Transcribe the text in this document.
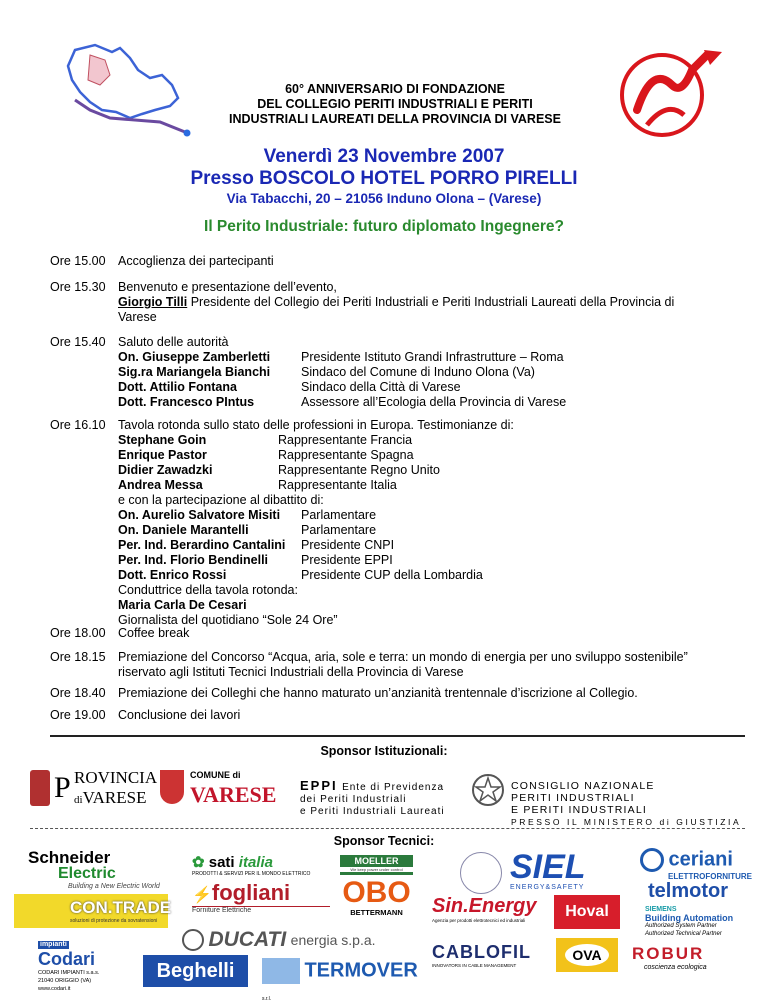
60° ANNIVERSARIO DI FONDAZIONE
DEL COLLEGIO PERITI INDUSTRIALI E PERITI
INDUSTRIALI LAUREATI DELLA PROVINCIA DI VARESE
Venerdì 23 Novembre 2007
Presso BOSCOLO HOTEL PORRO PIRELLI
Via Tabacchi, 20 – 21056 Induno Olona – (Varese)
Il Perito Industriale: futuro diplomato Ingegnere?
Ore 15.00 Accoglienza dei partecipanti
Ore 15.30 Benvenuto e presentazione dell’evento,
Giorgio Tilli Presidente del Collegio dei Periti Industriali e Periti Industriali Laureati della Provincia di Varese
Ore 15.40 Saluto delle autorità
On. Giuseppe Zamberletti	Presidente Istituto Grandi Infrastrutture – Roma
Sig.ra Mariangela Bianchi	Sindaco del Comune di Induno Olona (Va)
Dott. Attilio Fontana	Sindaco della Città di Varese
Dott. Francesco PIntus	Assessore all’Ecologia della Provincia di Varese
Ore 16.10 Tavola rotonda sullo stato delle professioni in Europa. Testimonianze di:
Stephane Goin	Rappresentante Francia
Enrique Pastor	Rappresentante Spagna
Didier Zawadzki	Rappresentante Regno Unito
Andrea Messa	Rappresentante Italia
e con la partecipazione al dibattito di:
On. Aurelio Salvatore Misiti	Parlamentare
On. Daniele Marantelli	Parlamentare
Per. Ind. Berardino Cantalini	Presidente CNPI
Per. Ind. Florio Bendinelli	Presidente EPPI
Dott. Enrico Rossi	Presidente CUP della Lombardia
Conduttrice della tavola rotonda:
Maria Carla De Cesari
Giornalista del quotidiano “Sole 24 Ore”
Ore 18.00 Coffee break
Ore 18.15 Premiazione del Concorso “Acqua, aria, sole e terra: un mondo di energia per uno sviluppo sostenibile” riservato agli Istituti Tecnici Industriali della Provincia di Varese
Ore 18.40 Premiazione dei Colleghi che hanno maturato un’anzianità trentennale d’iscrizione al Collegio.
Ore 19.00 Conclusione dei lavori
Sponsor Istituzionali:
P ROVINCIA
diVARESE
COMUNE di
VARESE EPPI Ente di Previdenza
dei Periti Industriali
e Periti Industriali Laureati
CONSIGLIO NAZIONALE
PERITI INDUSTRIALI
E PERITI INDUSTRIALI
PRESSO IL MINISTERO di GIUSTIZIA
Sponsor Tecnici:
Schneider
Electric
Building a New Electric World
✿ sati italia
PRODOTTI & SERVIZI PER IL MONDO ELETTRICO
MOELLER
We keep power under control	SIEL
ENERGY&SAFETY
ceriani
ELETTROFORNITURE
telmotor
CON.TRADE
soluzioni di protezione da sovratensioni
⚡fogliani
Forniture Elettriche
OBO
BETTERMANN	Sin.Energy
Agenzia per prodotti elettrotecnici ed industriali
Hoval	SIEMENS
Building Automation
Authorized System Partner
Authorized Technical Partner
impianti
Codari
CODARI IMPIANTI s.a.s.
21040 ORIGGIO (VA)
www.codari.it
DUCATI energia s.p.a.
Beghelli	TERMOVER s.r.l.
CABLOFIL
INNOVATORS IN CABLE MANAGEMENT
OVA	ROBUR
coscienza ecologica
